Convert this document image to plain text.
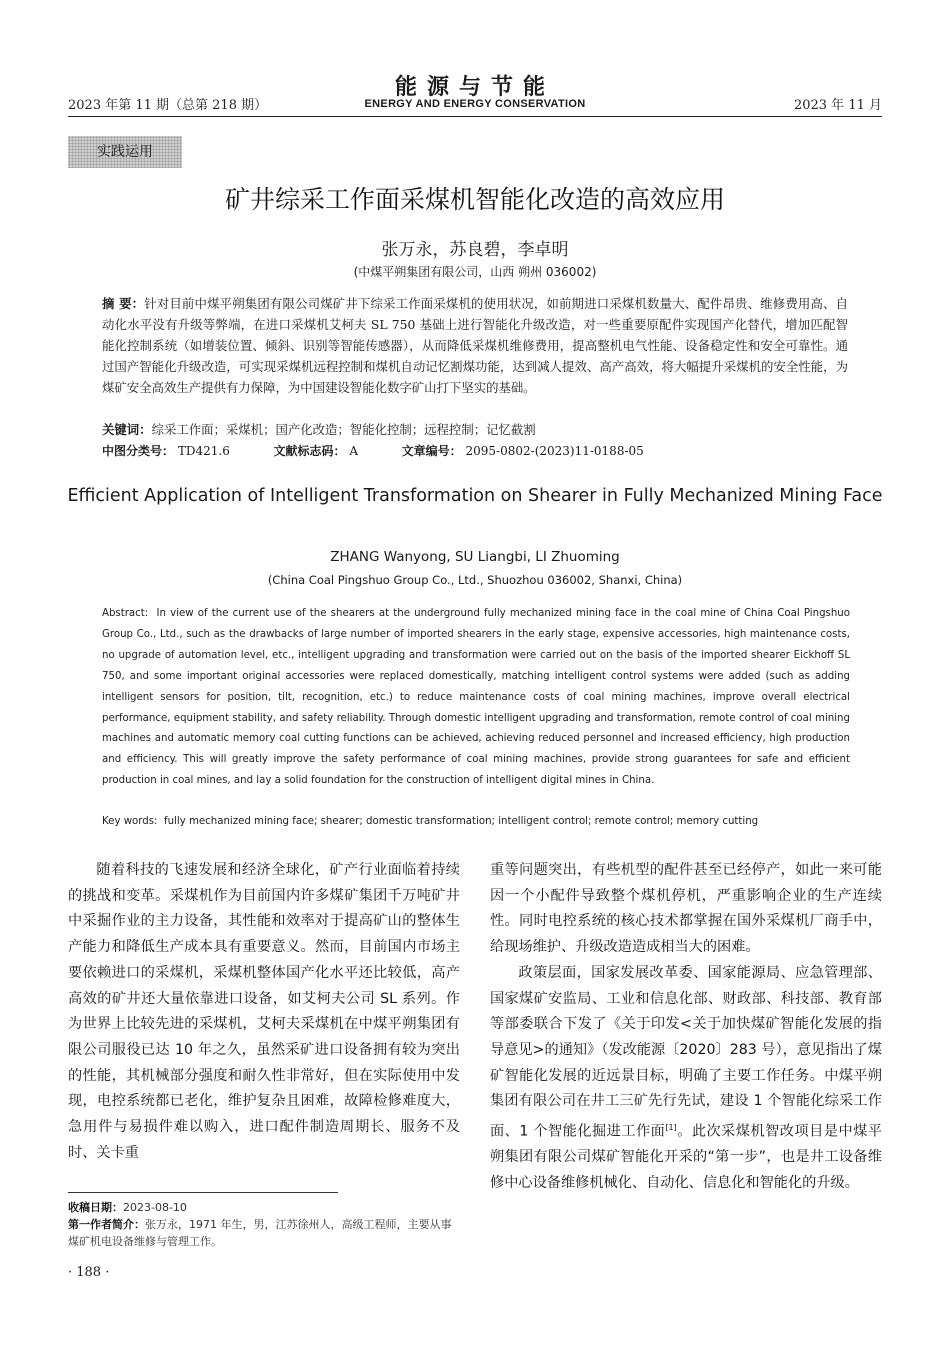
2023 年第 11 期（总第 218 期）
能源与节能
ENERGY AND ENERGY CONSERVATION	2023 年 11 月
实践运用
矿井综采工作面采煤机智能化改造的高效应用
张万永，苏良碧，李卓明
(中煤平朔集团有限公司，山西 朔州 036002)
摘 要：针对目前中煤平朔集团有限公司煤矿井下综采工作面采煤机的使用状况，如前期进口采煤机数量大、配件昂贵、维修费用高、自动化水平没有升级等弊端，在进口采煤机艾柯夫 SL 750 基础上进行智能化升级改造，对一些重要原配件实现国产化替代，增加匹配智能化控制系统（如增装位置、倾斜、识别等智能传感器），从而降低采煤机维修费用，提高整机电气性能、设备稳定性和安全可靠性。通过国产智能化升级改造，可实现采煤机远程控制和煤机自动记忆割煤功能，达到减人提效、高产高效，将大幅提升采煤机的安全性能，为煤矿安全高效生产提供有力保障，为中国建设智能化数字矿山打下坚实的基础。
关键词：综采工作面；采煤机；国产化改造；智能化控制；远程控制；记忆截割
中图分类号： TD421.6	文献标志码： A	文章编号： 2095-0802-(2023)11-0188-05
Efficient Application of Intelligent Transformation on Shearer in Fully Mechanized Mining Face
ZHANG Wanyong, SU Liangbi, LI Zhuoming
(China Coal Pingshuo Group Co., Ltd., Shuozhou 036002, Shanxi, China)
Abstract: In view of the current use of the shearers at the underground fully mechanized mining face in the coal mine of China Coal Pingshuo Group Co., Ltd., such as the drawbacks of large number of imported shearers in the early stage, expensive accessories, high maintenance costs, no upgrade of automation level, etc., intelligent upgrading and transformation were carried out on the basis of the imported shearer Eickhoff SL 750, and some important original accessories were replaced domestically, matching intelligent control systems were added (such as adding intelligent sensors for position, tilt, recognition, etc.) to reduce maintenance costs of coal mining machines, improve overall electrical performance, equipment stability, and safety reliability. Through domestic intelligent upgrading and transformation, remote control of coal mining machines and automatic memory coal cutting functions can be achieved, achieving reduced personnel and increased efficiency, high production and efficiency. This will greatly improve the safety performance of coal mining machines, provide strong guarantees for safe and efficient production in coal mines, and lay a solid foundation for the construction of intelligent digital mines in China.
Key words: fully mechanized mining face; shearer; domestic transformation; intelligent control; remote control; memory cutting

随着科技的飞速发展和经济全球化，矿产行业面临着持续的挑战和变革。采煤机作为目前国内许多煤矿集团千万吨矿井中采掘作业的主力设备，其性能和效率对于提高矿山的整体生产能力和降低生产成本具有重要意义。然而，目前国内市场主要依赖进口的采煤机，采煤机整体国产化水平还比较低，高产高效的矿井还大量依靠进口设备，如艾柯夫公司 SL 系列。作为世界上比较先进的采煤机，艾柯夫采煤机在中煤平朔集团有限公司服役已达 10 年之久，虽然采矿进口设备拥有较为突出的性能，其机械部分强度和耐久性非常好，但在实际使用中发现，电控系统都已老化，维护复杂且困难，故障检修难度大，急用件与易损件难以购入，进口配件制造周期长、服务不及时、关卡重

重等问题突出，有些机型的配件甚至已经停产，如此一来可能因一个小配件导致整个煤机停机，严重影响企业的生产连续性。同时电控系统的核心技术都掌握在国外采煤机厂商手中，给现场维护、升级改造造成相当大的困难。

政策层面，国家发展改革委、国家能源局、应急管理部、国家煤矿安监局、工业和信息化部、财政部、科技部、教育部等部委联合下发了《关于印发<关于加快煤矿智能化发展的指导意见>的通知》（发改能源〔2020〕283 号），意见指出了煤矿智能化发展的近远景目标，明确了主要工作任务。中煤平朔集团有限公司在井工三矿先行先试，建设 1 个智能化综采工作面、1 个智能化掘进工作面[1]。此次采煤机智改项目是中煤平朔集团有限公司煤矿智能化开采的“第一步”，也是井工设备维修中心设备维修机械化、自动化、信息化和智能化的升级。

收稿日期：2023-08-10
第一作者简介：张万永，1971 年生，男，江苏徐州人，高级工程师，主要从事煤矿机电设备维修与管理工作。
· 188 ·
